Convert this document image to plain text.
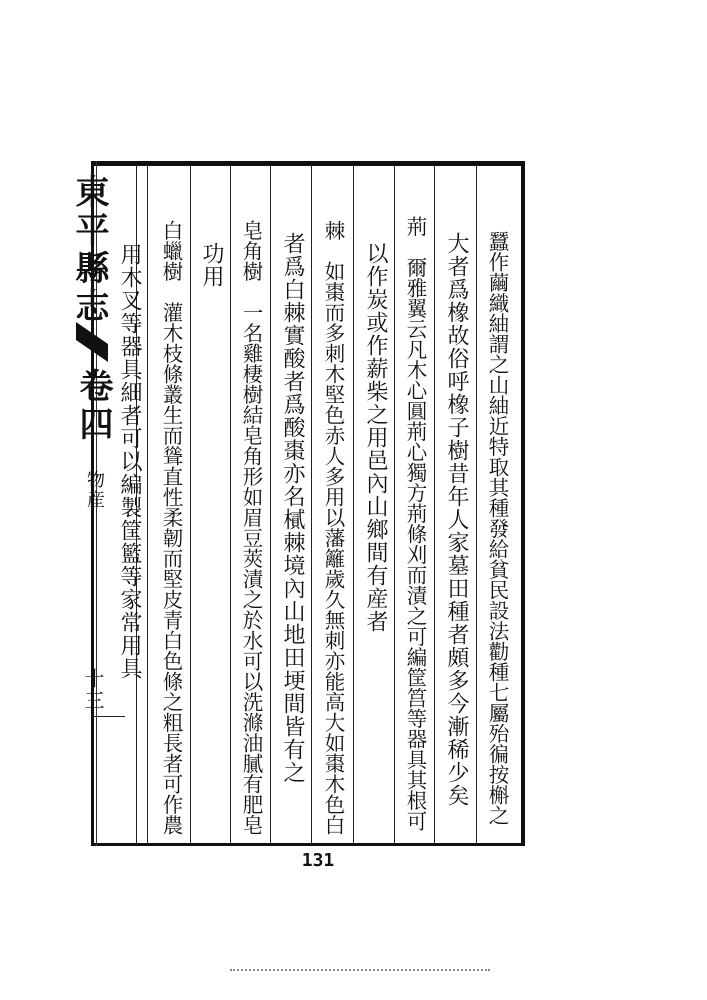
蠶作繭織紬謂之山紬近特取其種發給貧民設法勸種七屬殆徧按槲之
大者爲橡故俗呼橡子樹昔年人家墓田種者頗多今漸稀少矣
荊　爾雅翼云凡木心圓荊心獨方荊條刈而漬之可編筐筥等器具其根可
以作炭或作薪柴之用邑內山鄉間有産者
棘　如棗而多刺木堅色赤人多用以藩籬歲久無刺亦能高大如棗木色白
者爲白棘實酸者爲酸棗亦名樲棘境內山地田埂間皆有之
皂角樹　一名雞棲樹結皂角形如眉豆莢漬之於水可以洗滌油膩有肥皂
功用
白蠟樹　灌木枝條叢生而聳直性柔韌而堅皮青白色條之粗長者可作農
用木叉等器具細者可以編製筐籃等家常用具
東平縣志
卷四
物産
十三
131
